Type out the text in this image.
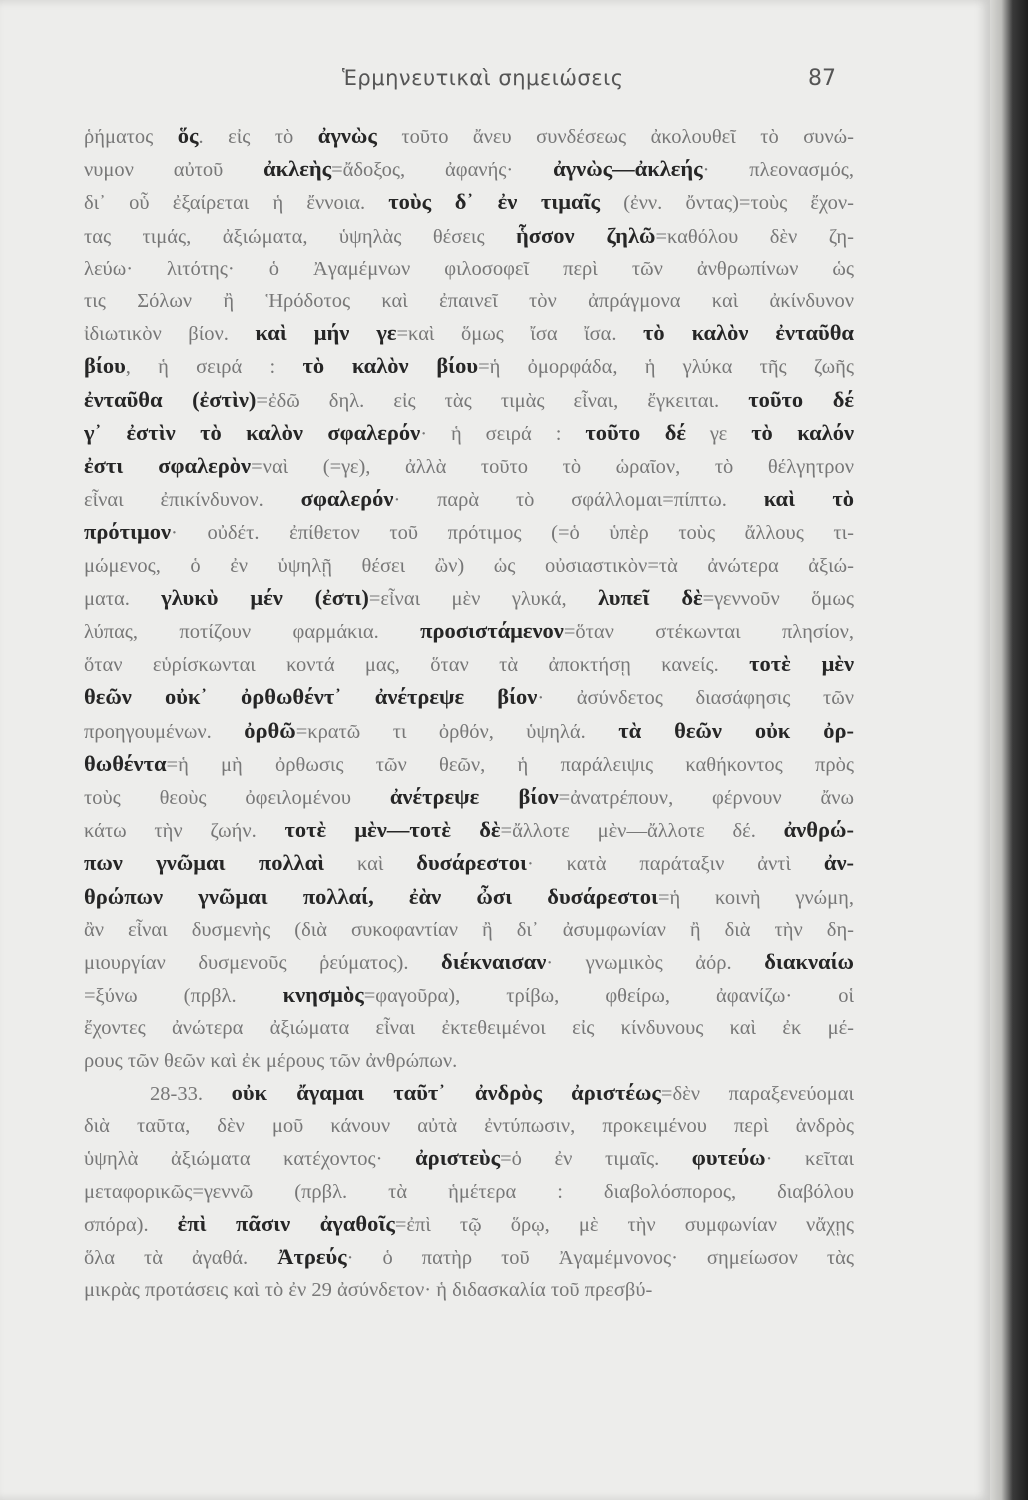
Ἑρμηνευτικαὶ σημειώσεις	87
ῥήματος ὅς. εἰς τὸ ἀγνὼς τοῦτο ἄνευ συνδέσεως ἀκολουθεῖ τὸ συνώ-
νυμον αὐτοῦ ἀκλεὴς=ἄδοξος, ἀφανής· ἀγνὼς—ἀκλεής· πλεονασμός,
δι᾽ οὗ ἐξαίρεται ἡ ἔννοια. τοὺς δ᾽ ἐν τιμαῖς (ἐνν. ὄντας)=τοὺς ἔχον-
τας τιμάς, ἀξιώματα, ὑψηλὰς θέσεις ἧσσον ζηλῶ=καθόλου δὲν ζη-
λεύω· λιτότης· ὁ Ἀγαμέμνων φιλοσοφεῖ περὶ τῶν ἀνθρωπίνων ὡς
τις Σόλων ἢ Ἡρόδοτος καὶ ἐπαινεῖ τὸν ἀπράγμονα καὶ ἀκίνδυνον
ἰδιωτικὸν βίον. καὶ μήν γε=καὶ ὅμως ἴσα ἴσα. τὸ καλὸν ἐνταῦθα
βίου, ἡ σειρά : τὸ καλὸν βίου=ἡ ὀμορφάδα, ἡ γλύκα τῆς ζωῆς
ἐνταῦθα (ἐστὶν)=ἐδῶ δηλ. εἰς τὰς τιμὰς εἶναι, ἔγκειται. τοῦτο δέ
γ᾽ ἐστὶν τὸ καλὸν σφαλερόν· ἡ σειρά : τοῦτο δέ γε τὸ καλόν
ἐστι σφαλερὸν=ναὶ (=γε), ἀλλὰ τοῦτο τὸ ὡραῖον, τὸ θέλγητρον
εἶναι ἐπικίνδυνον. σφαλερόν· παρὰ τὸ σφάλλομαι=πίπτω. καὶ τὸ
πρότιμον· οὐδέτ. ἐπίθετον τοῦ πρότιμος (=ὁ ὑπὲρ τοὺς ἄλλους τι-
μώμενος, ὁ ἐν ὑψηλῇ θέσει ὢν) ὡς οὐσιαστικὸν=τὰ ἀνώτερα ἀξιώ-
ματα. γλυκὺ μέν (ἐστι)=εἶναι μὲν γλυκά, λυπεῖ δὲ=γεννοῦν ὅμως
λύπας, ποτίζουν φαρμάκια. προσιστάμενον=ὅταν στέκωνται πλησίον,
ὅταν εὑρίσκωνται κοντά μας, ὅταν τὰ ἀποκτήσῃ κανείς. τοτὲ μὲν
θεῶν οὐκ᾽ ὀρθωθέντ᾽ ἀνέτρεψε βίον· ἀσύνδετος διασάφησις τῶν
προηγουμένων. ὀρθῶ=κρατῶ τι ὀρθόν, ὑψηλά. τὰ θεῶν οὐκ ὀρ-
θωθέντα=ἡ μὴ ὀρθωσις τῶν θεῶν, ἡ παράλειψις καθήκοντος πρὸς
τοὺς θεοὺς ὀφειλομένου ἀνέτρεψε βίον=ἀνατρέπουν, φέρνουν ἄνω
κάτω τὴν ζωήν. τοτὲ μὲν—τοτὲ δὲ=ἄλλοτε μὲν—ἄλλοτε δέ. ἀνθρώ-
πων γνῶμαι πολλαὶ καὶ δυσάρεστοι· κατὰ παράταξιν ἀντὶ ἀν-
θρώπων γνῶμαι πολλαί, ἐὰν ὦσι δυσάρεστοι=ἡ κοινὴ γνώμη,
ἂν εἶναι δυσμενὴς (διὰ συκοφαντίαν ἢ δι᾽ ἀσυμφωνίαν ἢ διὰ τὴν δη-
μιουργίαν δυσμενοῦς ῥεύματος). διέκναισαν· γνωμικὸς ἀόρ. διακναίω
=ξύνω (πρβλ. κνησμὸς=φαγοῦρα), τρίβω, φθείρω, ἀφανίζω· οἱ
ἔχοντες ἀνώτερα ἀξιώματα εἶναι ἐκτεθειμένοι εἰς κίνδυνους καὶ ἐκ μέ-
ρους τῶν θεῶν καὶ ἐκ μέρους τῶν ἀνθρώπων.
28-33. οὐκ ἄγαμαι ταῦτ᾽ ἀνδρὸς ἀριστέως=δὲν παραξενεύομαι
διὰ ταῦτα, δὲν μοῦ κάνουν αὐτὰ ἐντύπωσιν, προκειμένου περὶ ἀνδρὸς
ὑψηλὰ ἀξιώματα κατέχοντος· ἀριστεὺς=ὁ ἐν τιμαῖς. φυτεύω· κεῖται
μεταφορικῶς=γεννῶ (πρβλ. τὰ ἡμέτερα : διαβολόσπορος, διαβόλου
σπόρα). ἐπὶ πᾶσιν ἀγαθοῖς=ἐπὶ τῷ ὅρῳ, μὲ τὴν συμφωνίαν νἄχῃς
ὅλα τὰ ἀγαθά. Ἀτρεύς· ὁ πατὴρ τοῦ Ἀγαμέμνονος· σημείωσον τὰς
μικρὰς προτάσεις καὶ τὸ ἐν 29 ἀσύνδετον· ἡ διδασκαλία τοῦ πρεσβύ-
